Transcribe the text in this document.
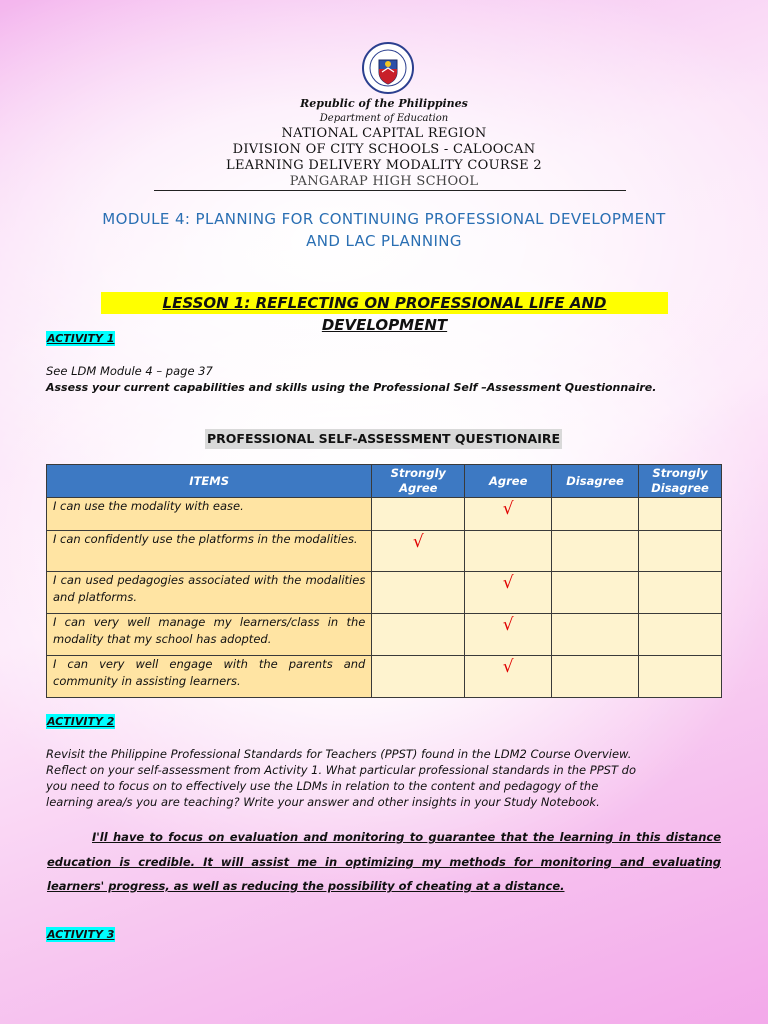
Republic of the Philippines
Department of Education
NATIONAL CAPITAL REGION
DIVISION OF CITY SCHOOLS - CALOOCAN
LEARNING DELIVERY MODALITY COURSE 2
PANGARAP HIGH SCHOOL
MODULE 4: PLANNING FOR CONTINUING PROFESSIONAL DEVELOPMENT
AND LAC PLANNING
LESSON 1: REFLECTING ON PROFESSIONAL LIFE AND DEVELOPMENT
ACTIVITY 1
See LDM Module 4 – page 37
Assess your current capabilities and skills using the Professional Self –Assessment Questionnaire.
PROFESSIONAL SELF-ASSESSMENT QUESTIONAIRE
ITEMS	Strongly Agree	Agree	Disagree	Strongly Disagree
I can use the modality with ease.		√		
I can confidently use the platforms in the modalities.	√			
I can used pedagogies associated with the modalities and platforms.		√		
I can very well manage my learners/class in the modality that my school has adopted.		√		
I can very well engage with the parents and community in assisting learners.		√		
ACTIVITY 2
Revisit the Philippine Professional Standards for Teachers (PPST) found in the LDM2 Course Overview.
Reflect on your self-assessment from Activity 1. What particular professional standards in the PPST do
you need to focus on to effectively use the LDMs in relation to the content and pedagogy of the
learning area/s you are teaching? Write your answer and other insights in your Study Notebook.
I'll have to focus on evaluation and monitoring to guarantee that the learning in this distance education is credible. It will assist me in optimizing my methods for monitoring and evaluating learners' progress, as well as reducing the possibility of cheating at a distance.
ACTIVITY 3
